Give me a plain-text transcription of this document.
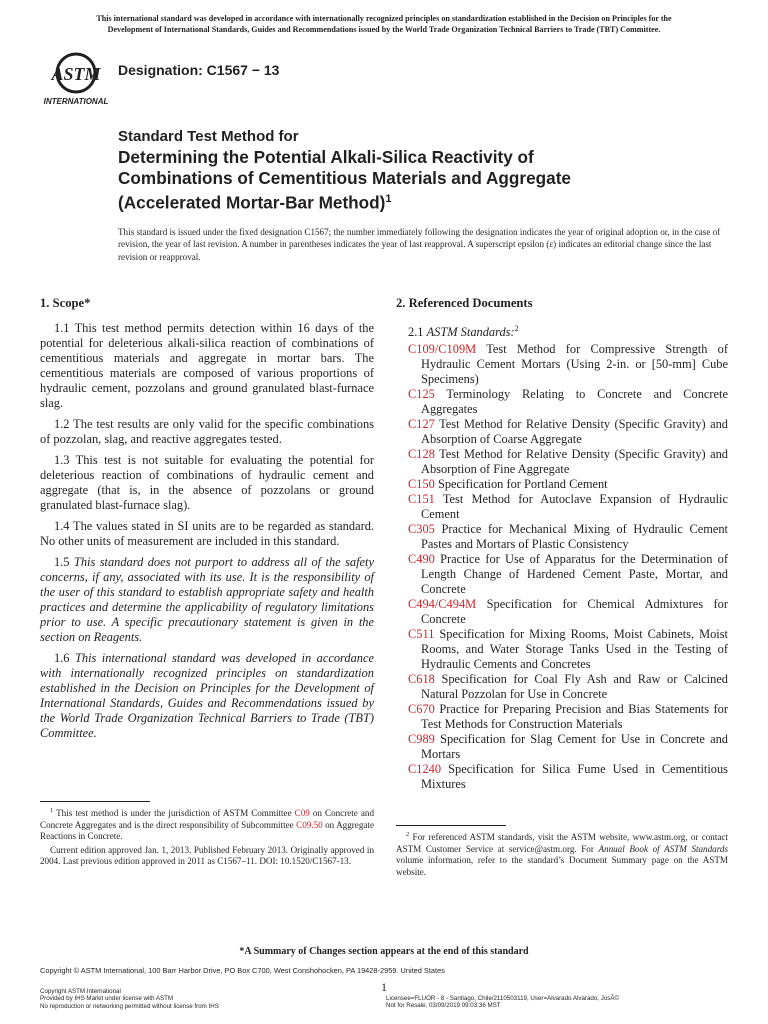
This international standard was developed in accordance with internationally recognized principles on standardization established in the Decision on Principles for the
Development of International Standards, Guides and Recommendations issued by the World Trade Organization Technical Barriers to Trade (TBT) Committee.
ASTM
INTERNATIONAL
Designation: C1567 − 13
Standard Test Method for
Determining the Potential Alkali-Silica Reactivity of
Combinations of Cementitious Materials and Aggregate
(Accelerated Mortar-Bar Method)$^1$
This standard is issued under the fixed designation C1567; the number immediately following the designation indicates the year of original adoption or, in the case of revision, the year of last revision. A number in parentheses indicates the year of last reapproval. A superscript epsilon (ε) indicates an editorial change since the last revision or reapproval.
1. Scope*

1.1 This test method permits detection within 16 days of the potential for deleterious alkali-silica reaction of combinations of cementitious materials and aggregate in mortar bars. The cementitious materials are composed of various proportions of hydraulic cement, pozzolans and ground granulated blast-furnace slag.

1.2 The test results are only valid for the specific combinations of pozzolan, slag, and reactive aggregates tested.

1.3 This test is not suitable for evaluating the potential for deleterious reaction of combinations of hydraulic cement and aggregate (that is, in the absence of pozzolans or ground granulated blast-furnace slag).

1.4 The values stated in SI units are to be regarded as standard. No other units of measurement are included in this standard.

1.5 This standard does not purport to address all of the safety concerns, if any, associated with its use. It is the responsibility of the user of this standard to establish appropriate safety and health practices and determine the applicability of regulatory limitations prior to use. A specific precautionary statement is given in the section on Reagents.

1.6 This international standard was developed in accordance with internationally recognized principles on standardization established in the Decision on Principles for the Development of International Standards, Guides and Recommendations issued by the World Trade Organization Technical Barriers to Trade (TBT) Committee.

2. Referenced Documents
2.1 ASTM Standards:$^2$

C109/C109M Test Method for Compressive Strength of Hydraulic Cement Mortars (Using 2-in. or [50-mm] Cube Specimens)

C125 Terminology Relating to Concrete and Concrete Aggregates

C127 Test Method for Relative Density (Specific Gravity) and Absorption of Coarse Aggregate

C128 Test Method for Relative Density (Specific Gravity) and Absorption of Fine Aggregate

C150 Specification for Portland Cement

C151 Test Method for Autoclave Expansion of Hydraulic Cement

C305 Practice for Mechanical Mixing of Hydraulic Cement Pastes and Mortars of Plastic Consistency

C490 Practice for Use of Apparatus for the Determination of Length Change of Hardened Cement Paste, Mortar, and Concrete

C494/C494M Specification for Chemical Admixtures for Concrete

C511 Specification for Mixing Rooms, Moist Cabinets, Moist Rooms, and Water Storage Tanks Used in the Testing of Hydraulic Cements and Concretes

C618 Specification for Coal Fly Ash and Raw or Calcined Natural Pozzolan for Use in Concrete

C670 Practice for Preparing Precision and Bias Statements for Test Methods for Construction Materials

C989 Specification for Slag Cement for Use in Concrete and Mortars

C1240 Specification for Silica Fume Used in Cementitious Mixtures

$^1$ This test method is under the jurisdiction of ASTM Committee C09 on Concrete and Concrete Aggregates and is the direct responsibility of Subcommittee C09.50 on Aggregate Reactions in Concrete.

Current edition approved Jan. 1, 2013. Published February 2013. Originally approved in 2004. Last previous edition approved in 2011 as C1567–11. DOI: 10.1520/C1567-13.

$^2$ For referenced ASTM standards, visit the ASTM website, www.astm.org, or contact ASTM Customer Service at service@astm.org. For Annual Book of ASTM Standards volume information, refer to the standard’s Document Summary page on the ASTM website.

*A Summary of Changes section appears at the end of this standard
Copyright © ASTM International, 100 Barr Harbor Drive, PO Box C700, West Conshohocken, PA 19428-2959. United States
1
Copyright ASTM International
Provided by IHS Markit under license with ASTM
No reproduction or networking permitted without license from IHS
Licensee=FLUOR - 8 - Santiago, Chile/2110503119, User=Alvarado Alvarado, JosÃ©
Not for Resale, 03/09/2019 09:03:36 MST
